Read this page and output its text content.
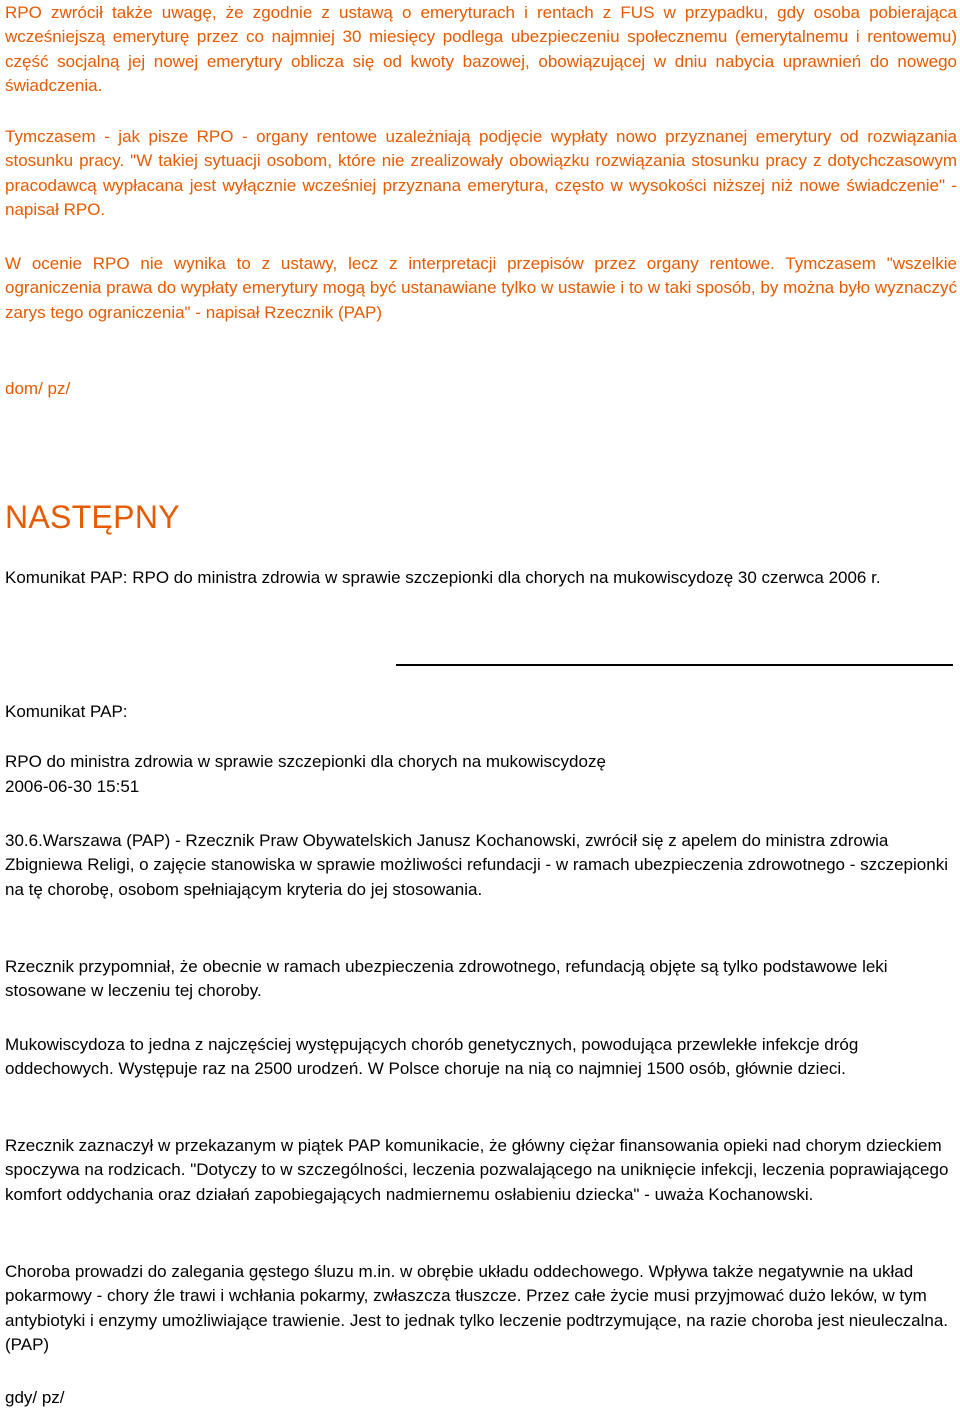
RPO zwrócił także uwagę, że zgodnie z ustawą o emeryturach i rentach z FUS w przypadku, gdy osoba pobierająca wcześniejszą emeryturę przez co najmniej 30 miesięcy podlega ubezpieczeniu społecznemu (emerytalnemu i rentowemu) część socjalną jej nowej emerytury oblicza się od kwoty bazowej, obowiązującej w dniu nabycia uprawnień do nowego świadczenia.

Tymczasem - jak pisze RPO - organy rentowe uzależniają podjęcie wypłaty nowo przyznanej emerytury od rozwiązania stosunku pracy. "W takiej sytuacji osobom, które nie zrealizowały obowiązku rozwiązania stosunku pracy z dotychczasowym pracodawcą wypłacana jest wyłącznie wcześniej przyznana emerytura, często w wysokości niższej niż nowe świadczenie" - napisał RPO.

W ocenie RPO nie wynika to z ustawy, lecz z interpretacji przepisów przez organy rentowe. Tymczasem "wszelkie ograniczenia prawa do wypłaty emerytury mogą być ustanawiane tylko w ustawie i to w taki sposób, by można było wyznaczyć zarys tego ograniczenia" - napisał Rzecznik (PAP)

dom/ pz/

NASTĘPNY

Komunikat PAP: RPO do ministra zdrowia w sprawie szczepionki dla chorych na mukowiscydozę 30 czerwca 2006 r.

Komunikat PAP:

RPO do ministra zdrowia w sprawie szczepionki dla chorych na mukowiscydozę

2006-06-30 15:51

30.6.Warszawa (PAP) - Rzecznik Praw Obywatelskich Janusz Kochanowski, zwrócił się z apelem do ministra zdrowia Zbigniewa Religi, o zajęcie stanowiska w sprawie możliwości refundacji - w ramach ubezpieczenia zdrowotnego - szczepionki na tę chorobę, osobom spełniającym kryteria do jej stosowania.

Rzecznik przypomniał, że obecnie w ramach ubezpieczenia zdrowotnego, refundacją objęte są tylko podstawowe leki stosowane w leczeniu tej choroby.

Mukowiscydoza to jedna z najczęściej występujących chorób genetycznych, powodująca przewlekłe infekcje dróg oddechowych. Występuje raz na 2500 urodzeń. W Polsce choruje na nią co najmniej 1500 osób, głównie dzieci.

Rzecznik zaznaczył w przekazanym w piątek PAP komunikacie, że główny ciężar finansowania opieki nad chorym dzieckiem spoczywa na rodzicach. "Dotyczy to w szczególności, leczenia pozwalającego na uniknięcie infekcji, leczenia poprawiającego komfort oddychania oraz działań zapobiegających nadmiernemu osłabieniu dziecka" - uważa Kochanowski.

Choroba prowadzi do zalegania gęstego śluzu m.in. w obrębie układu oddechowego. Wpływa także negatywnie na układ pokarmowy - chory źle trawi i wchłania pokarmy, zwłaszcza tłuszcze. Przez całe życie musi przyjmować dużo leków, w tym antybiotyki i enzymy umożliwiające trawienie. Jest to jednak tylko leczenie podtrzymujące, na razie choroba jest nieuleczalna.(PAP)

gdy/ pz/
